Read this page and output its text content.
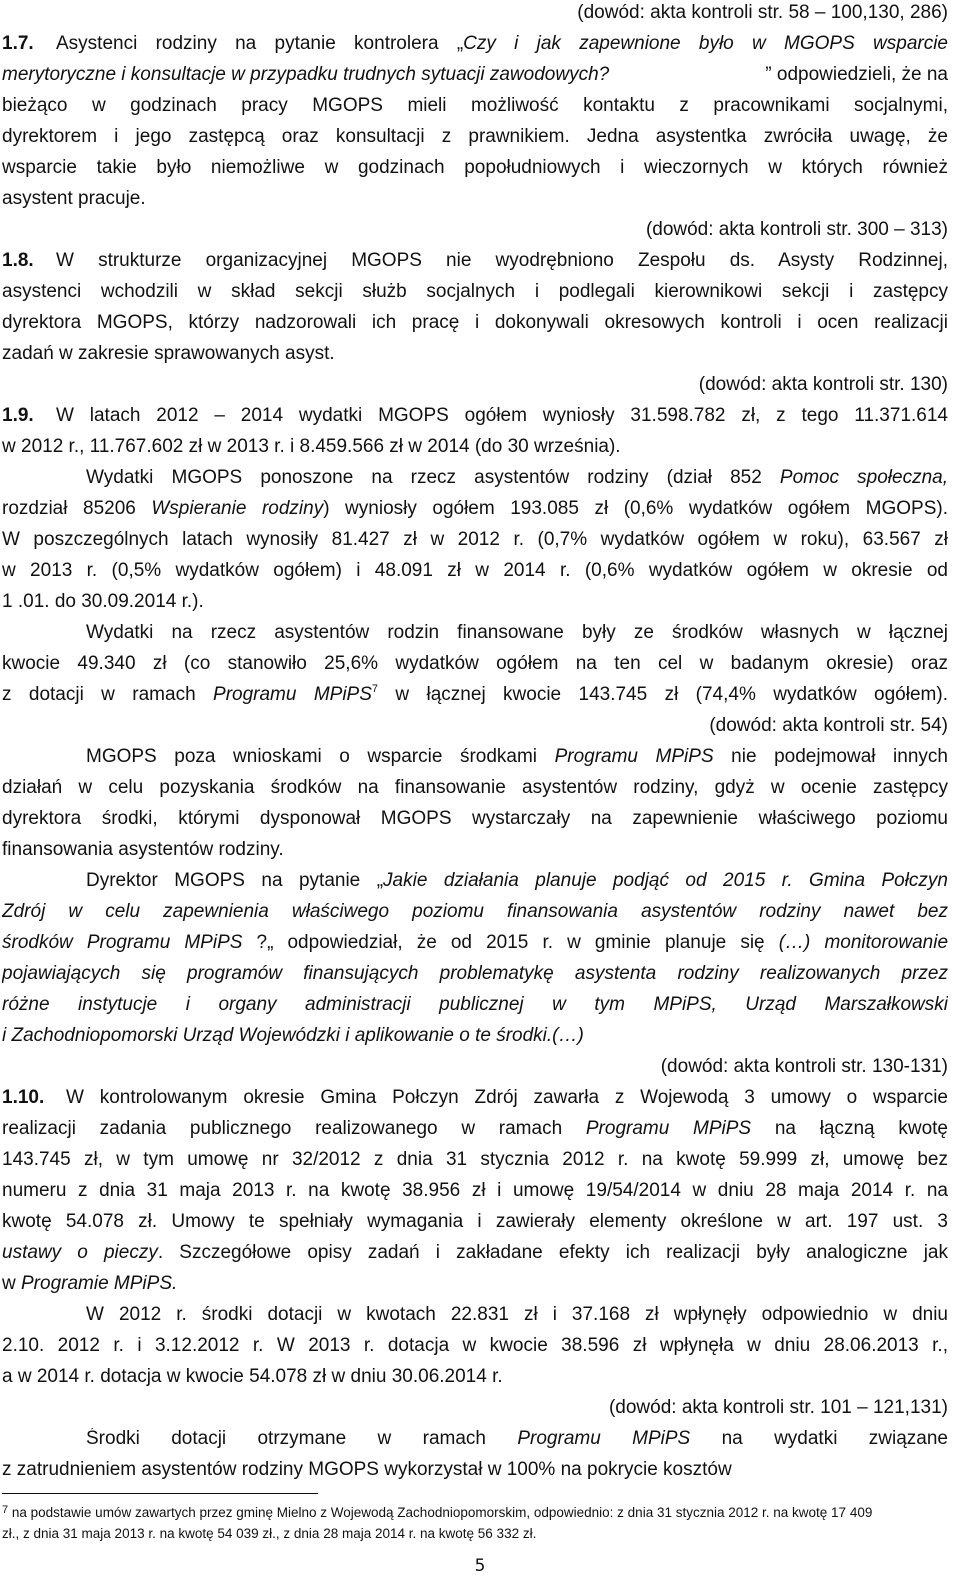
(dowód: akta kontroli str. 58 – 100,130, 286)
1.7. Asystenci rodziny na pytanie kontrolera „Czy i jak zapewnione było w MGOPS wsparcie
merytoryczne i konsultacje w przypadku trudnych sytuacji zawodowych?	” odpowiedzieli, że na
bieżąco w godzinach pracy MGOPS mieli możliwość kontaktu z pracownikami socjalnymi,
dyrektorem i jego zastępcą oraz konsultacji z prawnikiem. Jedna asystentka zwróciła uwagę, że
wsparcie takie było niemożliwe w godzinach popołudniowych i wieczornych w których również
asystent pracuje.
(dowód: akta kontroli str. 300 – 313)
1.8. W strukturze organizacyjnej MGOPS nie wyodrębniono Zespołu ds. Asysty Rodzinnej,
asystenci wchodzili w skład sekcji służb socjalnych i podlegali kierownikowi sekcji i zastępcy
dyrektora MGOPS, którzy nadzorowali ich pracę i dokonywali okresowych kontroli i ocen realizacji
zadań w zakresie sprawowanych asyst.
(dowód: akta kontroli str. 130)
1.9. W latach 2012 – 2014 wydatki MGOPS ogółem wyniosły 31.598.782 zł, z tego 11.371.614
w 2012 r., 11.767.602 zł w 2013 r. i 8.459.566 zł w 2014 (do 30 września).
Wydatki MGOPS ponoszone na rzecz asystentów rodziny (dział 852 Pomoc społeczna,
rozdział 85206 Wspieranie rodziny) wyniosły ogółem 193.085 zł (0,6% wydatków ogółem MGOPS).
W poszczególnych latach wynosiły 81.427 zł w 2012 r. (0,7% wydatków ogółem w roku), 63.567 zł
w 2013 r. (0,5% wydatków ogółem) i 48.091 zł w 2014 r. (0,6% wydatków ogółem w okresie od
1 .01. do 30.09.2014 r.).
Wydatki na rzecz asystentów rodzin finansowane były ze środków własnych w łącznej
kwocie 49.340 zł (co stanowiło 25,6% wydatków ogółem na ten cel w badanym okresie) oraz
z dotacji w ramach Programu MPiPS$^7$ w łącznej kwocie 143.745 zł (74,4% wydatków ogółem).
(dowód: akta kontroli str. 54)
MGOPS poza wnioskami o wsparcie środkami Programu MPiPS nie podejmował innych
działań w celu pozyskania środków na finansowanie asystentów rodziny, gdyż w ocenie zastępcy
dyrektora środki, którymi dysponował MGOPS wystarczały na zapewnienie właściwego poziomu
finansowania asystentów rodziny.
Dyrektor MGOPS na pytanie „Jakie działania planuje podjąć od 2015 r. Gmina Połczyn
Zdrój w celu zapewnienia właściwego poziomu finansowania asystentów rodziny nawet bez
środków Programu MPiPS ?„ odpowiedział, że od 2015 r. w gminie planuje się (…) monitorowanie
pojawiających się programów finansujących problematykę asystenta rodziny realizowanych przez
różne instytucje i organy administracji publicznej w tym MPiPS, Urząd Marszałkowski
i Zachodniopomorski Urząd Wojewódzki i aplikowanie o te środki.(…)
(dowód: akta kontroli str. 130-131)
1.10. W kontrolowanym okresie Gmina Połczyn Zdrój zawarła z Wojewodą 3 umowy o wsparcie
realizacji zadania publicznego realizowanego w ramach Programu MPiPS na łączną kwotę
143.745 zł, w tym umowę nr 32/2012 z dnia 31 stycznia 2012 r. na kwotę 59.999 zł, umowę bez
numeru z dnia 31 maja 2013 r. na kwotę 38.956 zł i umowę 19/54/2014 w dniu 28 maja 2014 r. na
kwotę 54.078 zł. Umowy te spełniały wymagania i zawierały elementy określone w art. 197 ust. 3
ustawy o pieczy. Szczegółowe opisy zadań i zakładane efekty ich realizacji były analogiczne jak
w Programie MPiPS.
W 2012 r. środki dotacji w kwotach 22.831 zł i 37.168 zł wpłynęły odpowiednio w dniu
2.10. 2012 r. i 3.12.2012 r. W 2013 r. dotacja w kwocie 38.596 zł wpłynęła w dniu 28.06.2013 r.,
a w 2014 r. dotacja w kwocie 54.078 zł w dniu 30.06.2014 r.
(dowód: akta kontroli str. 101 – 121,131)
Środki dotacji otrzymane w ramach Programu MPiPS na wydatki związane
z zatrudnieniem asystentów rodziny MGOPS wykorzystał w 100% na pokrycie kosztów
$^7$ na podstawie umów zawartych przez gminę Mielno z Wojewodą Zachodniopomorskim, odpowiednio: z dnia 31 stycznia 2012 r. na kwotę 17 409
zł., z dnia 31 maja 2013 r. na kwotę 54 039 zł., z dnia 28 maja 2014 r. na kwotę 56 332 zł.
5
